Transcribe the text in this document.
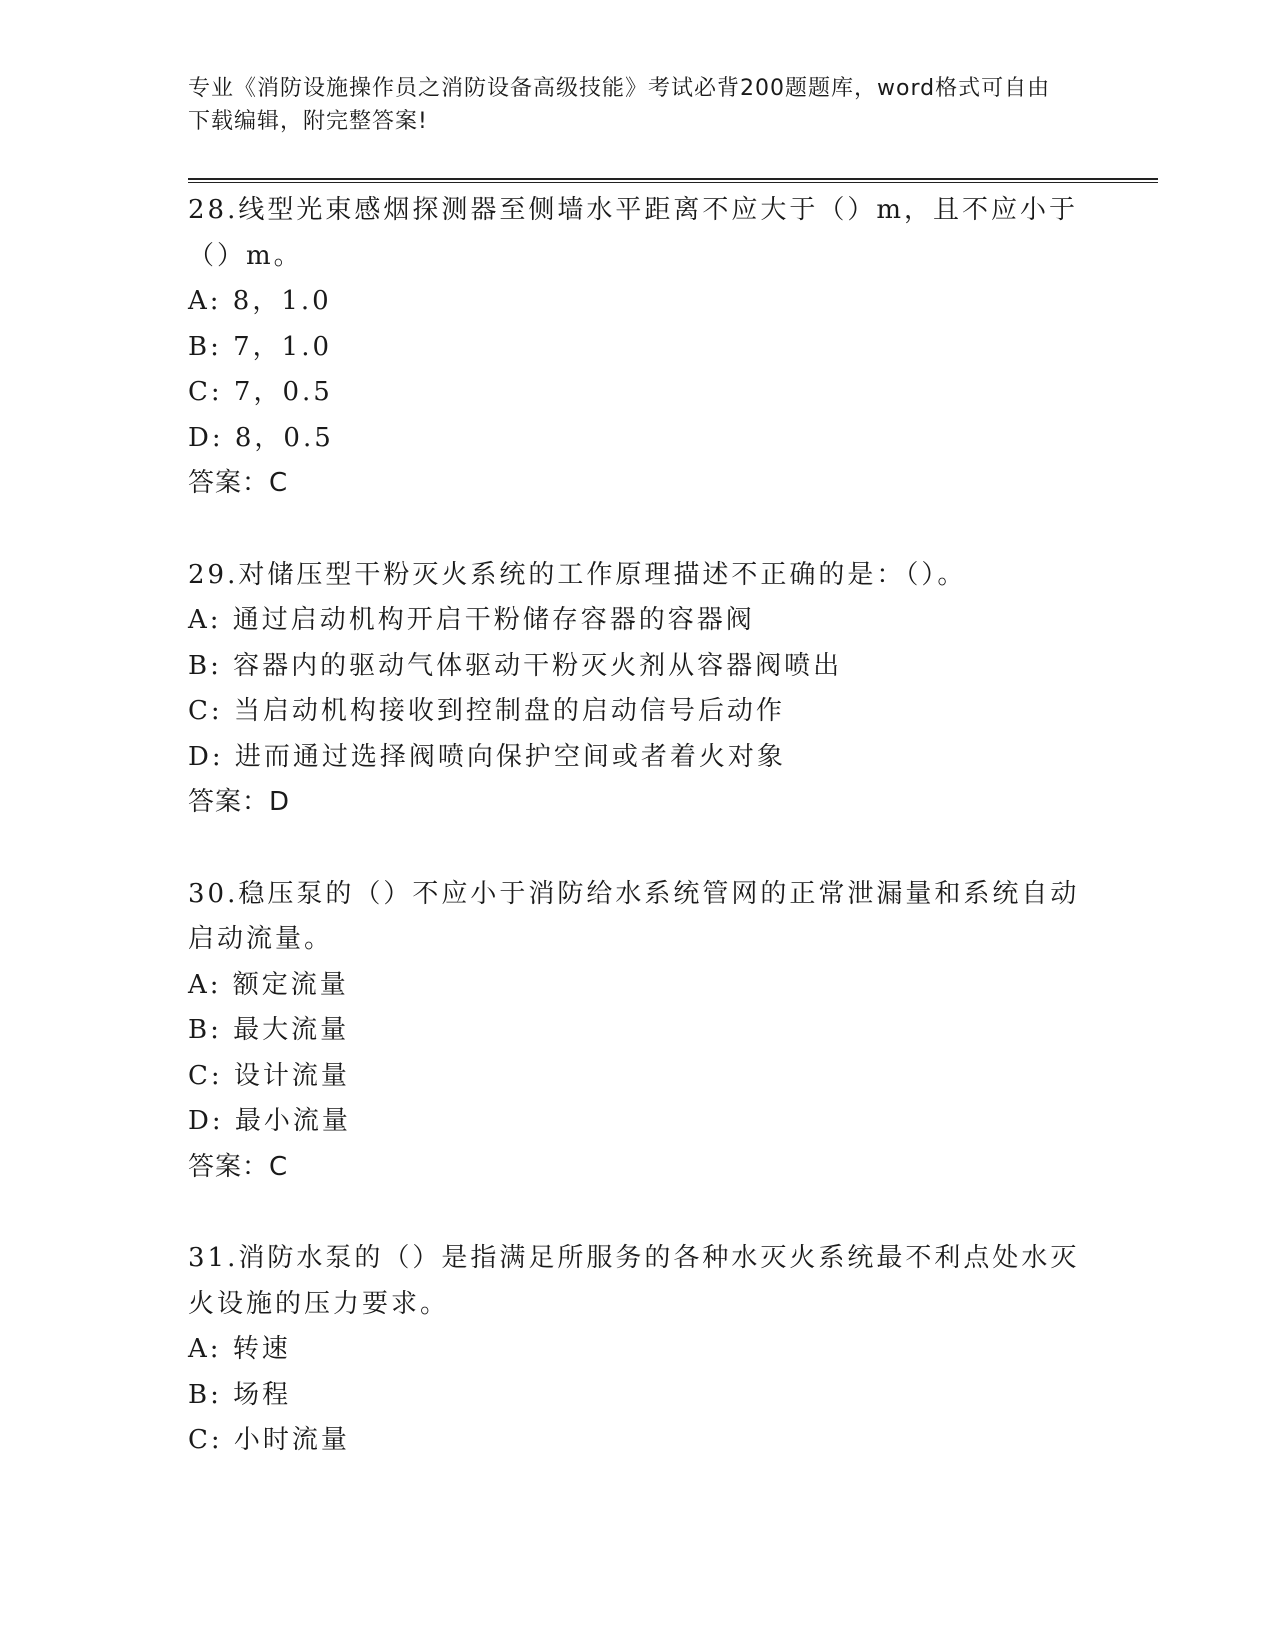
专业《消防设施操作员之消防设备高级技能》考试必背200题题库，word格式可自由下载编辑，附完整答案!

28.线型光束感烟探测器至侧墙水平距离不应大于（）m，且不应小于（）m。

A: 8，1.0

B: 7，1.0

C: 7，0.5

D: 8，0.5

答案：C

29.对储压型干粉灭火系统的工作原理描述不正确的是：（）。

A: 通过启动机构开启干粉储存容器的容器阀

B: 容器内的驱动气体驱动干粉灭火剂从容器阀喷出

C: 当启动机构接收到控制盘的启动信号后动作

D: 进而通过选择阀喷向保护空间或者着火对象

答案：D

30.稳压泵的（）不应小于消防给水系统管网的正常泄漏量和系统自动启动流量。

A: 额定流量

B: 最大流量

C: 设计流量

D: 最小流量

答案：C

31.消防水泵的（）是指满足所服务的各种水灭火系统最不利点处水灭火设施的压力要求。

A: 转速

B: 场程

C: 小时流量
